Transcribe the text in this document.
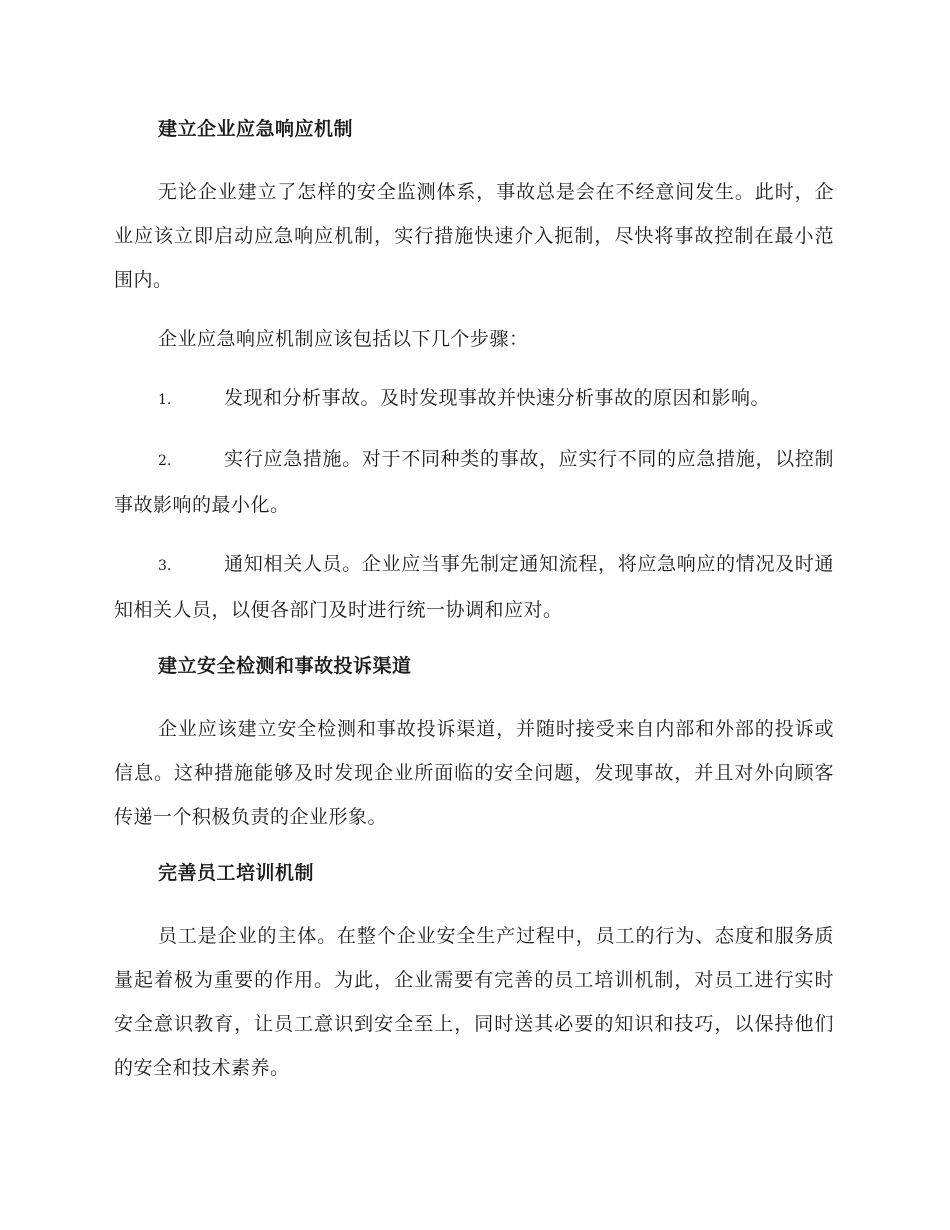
建立企业应急响应机制

无论企业建立了怎样的安全监测体系，事故总是会在不经意间发生。此时，企业应该立即启动应急响应机制，实行措施快速介入扼制，尽快将事故控制在最小范围内。

企业应急响应机制应该包括以下几个步骤：

1.	发现和分析事故。及时发现事故并快速分析事故的原因和影响。
2.	实行应急措施。对于不同种类的事故，应实行不同的应急措施，以控制事故影响的最小化。
3.	通知相关人员。企业应当事先制定通知流程，将应急响应的情况及时通知相关人员，以便各部门及时进行统一协调和应对。
建立安全检测和事故投诉渠道

企业应该建立安全检测和事故投诉渠道，并随时接受来自内部和外部的投诉或信息。这种措施能够及时发现企业所面临的安全问题，发现事故，并且对外向顾客传递一个积极负责的企业形象。

完善员工培训机制

员工是企业的主体。在整个企业安全生产过程中，员工的行为、态度和服务质量起着极为重要的作用。为此，企业需要有完善的员工培训机制，对员工进行实时安全意识教育，让员工意识到安全至上，同时送其必要的知识和技巧，以保持他们的安全和技术素养。
